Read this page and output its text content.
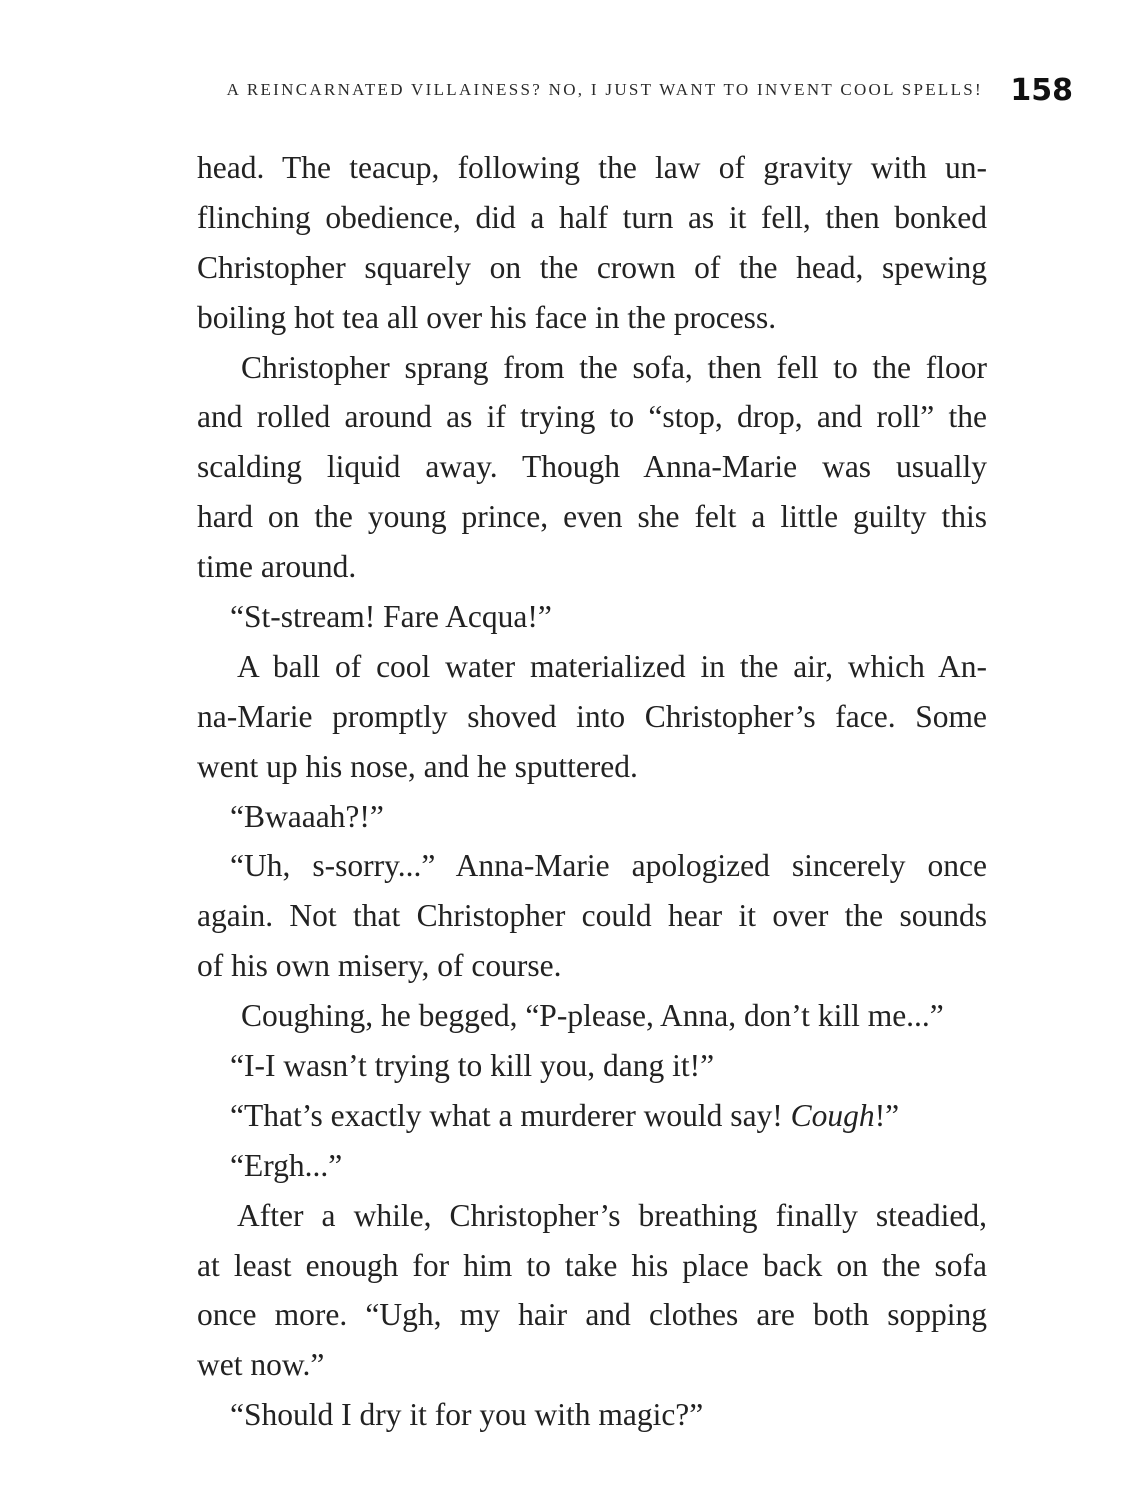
A REINCARNATED VILLAINESS? NO, I JUST WANT TO INVENT COOL SPELLS! 158

head. The teacup, following the law of gravity with un-
flinching obedience, did a half turn as it fell, then bonked
Christopher squarely on the crown of the head, spewing
boiling hot tea all over his face in the process.

Christopher sprang from the sofa, then fell to the floor
and rolled around as if trying to “stop, drop, and roll” the
scalding liquid away. Though Anna-Marie was usually
hard on the young prince, even she felt a little guilty this
time around.

“St-stream! Fare Acqua!”

A ball of cool water materialized in the air, which An-
na-Marie promptly shoved into Christopher’s face. Some
went up his nose, and he sputtered.

“Bwaaah?!”

“Uh, s-sorry...” Anna-Marie apologized sincerely once
again. Not that Christopher could hear it over the sounds
of his own misery, of course.

Coughing, he begged, “P-please, Anna, don’t kill me...”

“I-I wasn’t trying to kill you, dang it!”

“That’s exactly what a murderer would say! Cough!”

“Ergh...”

After a while, Christopher’s breathing finally steadied,
at least enough for him to take his place back on the sofa
once more. “Ugh, my hair and clothes are both sopping
wet now.”

“Should I dry it for you with magic?”
